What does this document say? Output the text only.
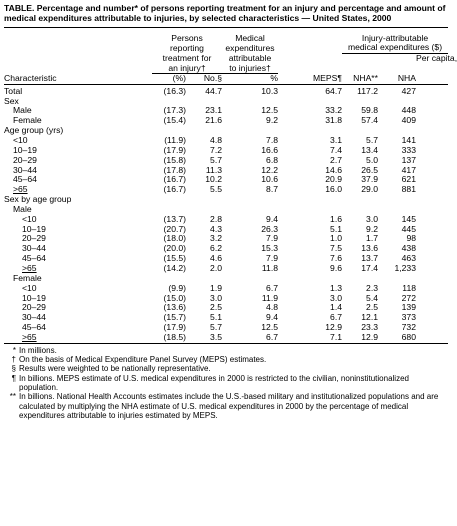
TABLE. Percentage and number* of persons reporting treatment for an injury and percentage and amount of medical expenditures attributable to injuries, by selected characteristics — United States, 2000
	Persons		Medical		Injury-attributable		
	reporting		expenditures		medical expenditures ($)		
	treatment for		attributable				Per capita,
	an injury†		to injuries†				
Characteristic	(%)	No.§	%	MEPS¶	NHA**	NHA	
Total	(16.3)	44.7	10.3	64.7	117.2	427	
Sex							
Male	(17.3)	23.1	12.5	33.2	59.8	448	
Female	(15.4)	21.6	9.2	31.8	57.4	409	
Age group (yrs)							
<10	(11.9)	4.8	7.8	3.1	5.7	141	
10–19	(17.9)	7.2	16.6	7.4	13.4	333	
20–29	(15.8)	5.7	6.8	2.7	5.0	137	
30–44	(17.8)	11.3	12.2	14.6	26.5	417	
45–64	(16.7)	10.2	10.6	20.9	37.9	621	
>65	(16.7)	5.5	8.7	16.0	29.0	881	
Sex by age group							
Male							
<10	(13.7)	2.8	9.4	1.6	3.0	145	
10–19	(20.7)	4.3	26.3	5.1	9.2	445	
20–29	(18.0)	3.2	7.9	1.0	1.7	98	
30–44	(20.0)	6.2	15.3	7.5	13.6	438	
45–64	(15.5)	4.6	7.9	7.6	13.7	463	
>65	(14.2)	2.0	11.8	9.6	17.4	1,233	
Female							
<10	(9.9)	1.9	6.7	1.3	2.3	118	
10–19	(15.0)	3.0	11.9	3.0	5.4	272	
20–29	(13.6)	2.5	4.8	1.4	2.5	139	
30–44	(15.7)	5.1	9.4	6.7	12.1	373	
45–64	(17.9)	5.7	12.5	12.9	23.3	732	
>65	(18.5)	3.5	6.7	7.1	12.9	680	
* In millions.
† On the basis of Medical Expenditure Panel Survey (MEPS) estimates.
§ Results were weighted to be nationally representative.
¶ In billions. MEPS estimate of U.S. medical expenditures in 2000 is restricted to the civilian, noninstitutionalized population.
** In billions. National Health Accounts estimates include the U.S.-based military and institutionalized populations and are calculated by multiplying the NHA estimate of U.S. medical expenditures in 2000 by the percentage of medical expenditures attributable to injuries estimated by MEPS.
